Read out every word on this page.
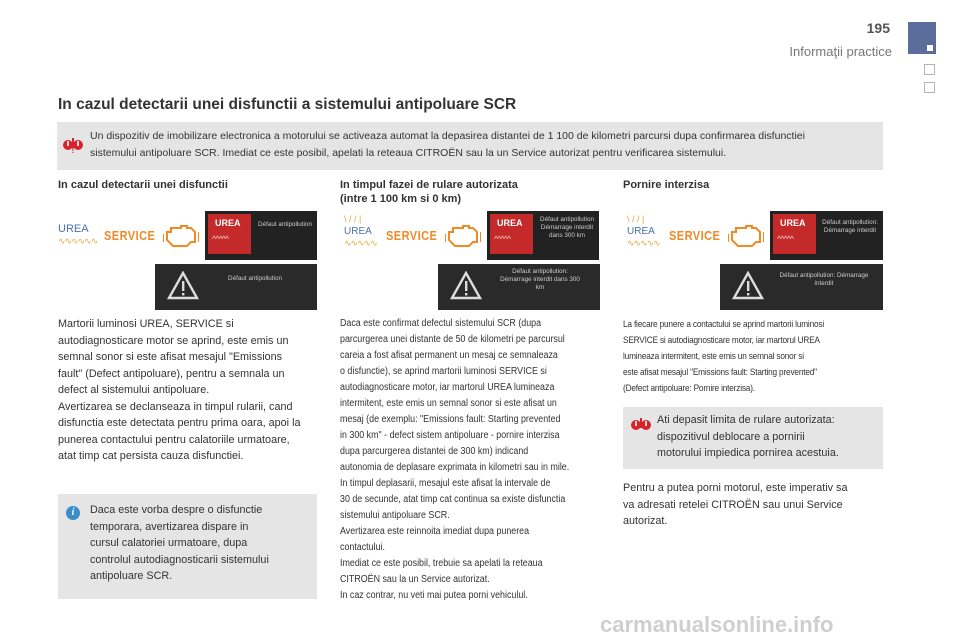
195
Informaţii practice
In cazul detectarii unei disfunctii a sistemului antipoluare SCR
!
Un dispozitiv de imobilizare electronica a motorului se activeaza automat la depasirea distantei de 1 100 de kilometri parcursi dupa confirmarea disfunctiei
sistemului antipoluare SCR. Imediat ce este posibil, apelati la reteaua CITROËN sau la un Service autorizat pentru verificarea sistemului.
In cazul detectarii unei disfunctii
UREA
∿∿∿∿∿∿ SERVICE
UREA
^^^^^
Défaut antipollution
Défaut antipollution
Martorii luminosi UREA, SERVICE si
autodiagnosticare motor se aprind, este emis un
semnal sonor si este afisat mesajul "Emissions
fault" (Defect antipoluare), pentru a semnala un
defect al sistemului antipoluare.
Avertizarea se declanseaza in timpul rularii, cand
disfunctia este detectata pentru prima oara, apoi la
punerea contactului pentru calatoriile urmatoare,
atat timp cat persista cauza disfunctiei.
i	Daca este vorba despre o disfunctie
temporara, avertizarea dispare in
cursul calatoriei urmatoare, dupa
controlul autodiagnosticarii sistemului
antipoluare SCR.
In timpul fazei de rulare autorizata
(intre 1 100 km si 0 km)
\ / / |
UREA
∿∿∿∿∿ SERVICE
UREA
^^^^^
Défaut antipollution Démarrage interdit dans 300 km
Défaut antipollution: Démarrage interdit dans 300 km
Daca este confirmat defectul sistemului SCR (dupa
parcurgerea unei distante de 50 de kilometri pe parcursul
careia a fost afisat permanent un mesaj ce semnaleaza
o disfunctie), se aprind martorii luminosi SERVICE si
autodiagnosticare motor, iar martorul UREA lumineaza
intermitent, este emis un semnal sonor si este afisat un
mesaj (de exemplu: "Emissions fault: Starting prevented
in 300 km" - defect sistem antipoluare - pornire interzisa
dupa parcurgerea distantei de 300 km) indicand
autonomia de deplasare exprimata in kilometri sau in mile.
In timpul deplasarii, mesajul este afisat la intervale de
30 de secunde, atat timp cat continua sa existe disfunctia
sistemului antipoluare SCR.
Avertizarea este reinnoita imediat dupa punerea
contactului.
Imediat ce este posibil, trebuie sa apelati la reteaua
CITROËN sau la un Service autorizat.
In caz contrar, nu veti mai putea porni vehiculul.
Pornire interzisa
\ / / |
UREA
∿∿∿∿∿ SERVICE
UREA
^^^^^
Défaut antipollution: Démarrage interdit
Défaut antipollution: Démarrage interdit
La fiecare punere a contactului se aprind martorii luminosi
SERVICE si autodiagnosticare motor, iar martorul UREA
lumineaza intermitent, este emis un semnal sonor si
este afisat mesajul "Emissions fault: Starting prevented"
(Defect antipoluare: Pornire interzisa).
Ati depasit limita de rulare autorizata:
dispozitivul deblocare a pornirii
motorului impiedica pornirea acestuia.
Pentru a putea porni motorul, este imperativ sa
va adresati retelei CITROËN sau unui Service
autorizat.
carmanualsonline.info
